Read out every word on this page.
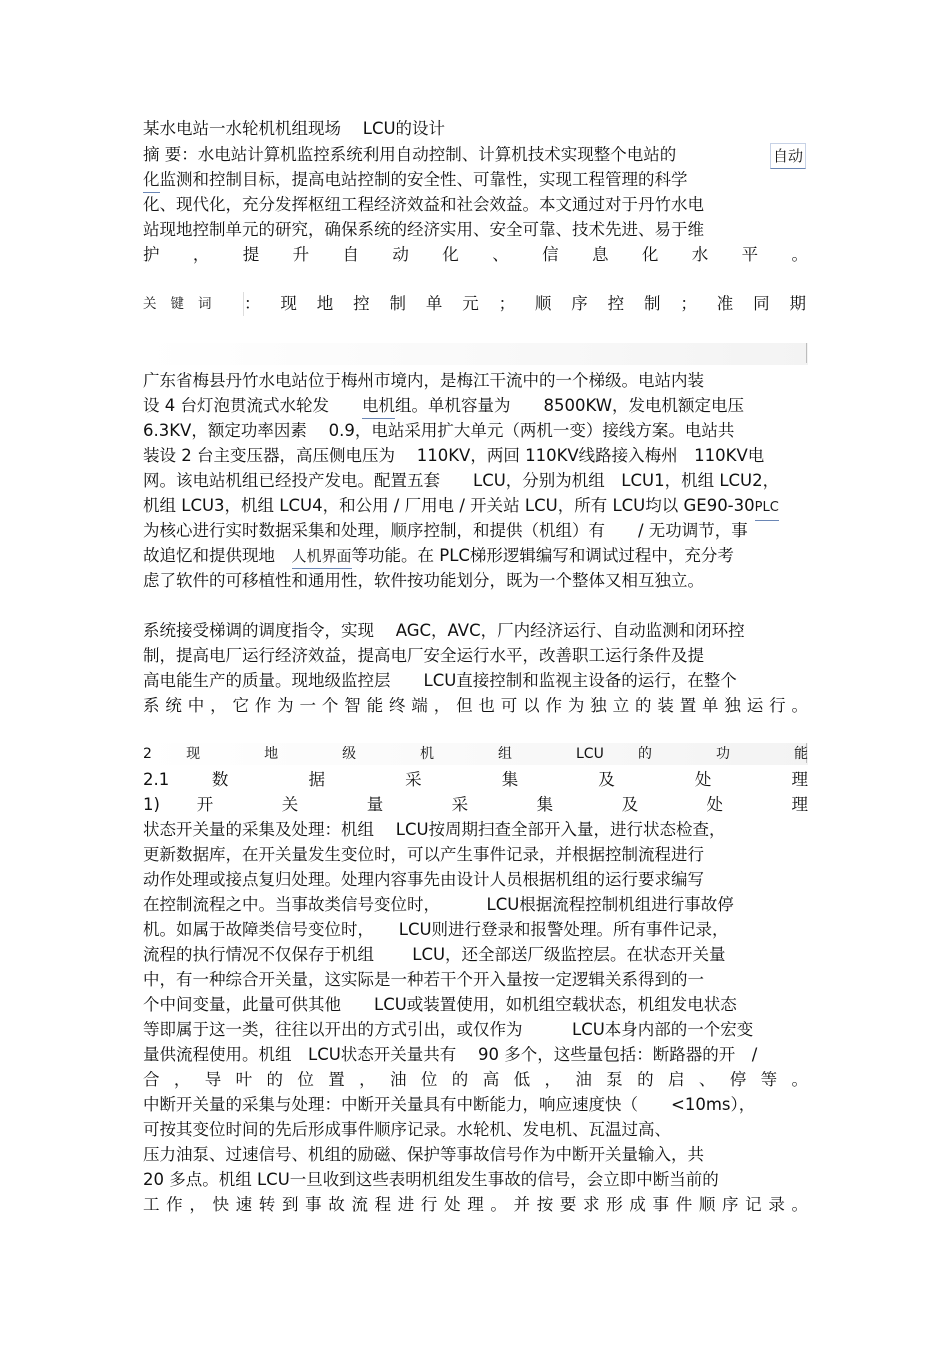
某水电站一水轮机机组现场　 LCU的设计
摘 要：水电站计算机监控系统利用自动控制、计算机技术实现整个电站的	自动
化监测和控制目标，提高电站控制的安全性、可靠性，实现工程管理的科学
化、现代化，充分发挥枢纽工程经济效益和社会效益。本文通过对于丹竹水电
站现地控制单元的研究，确保系统的经济实用、安全可靠、技术先进、易于维
护，提升自动化、信息化水平。
关键词	：现地控制单元；顺序控制；准同期
广东省梅县丹竹水电站位于梅州市境内，是梅江干流中的一个梯级。电站内装
设 4 台灯泡贯流式水轮发　　电机组。单机容量为　　8500KW，发电机额定电压
6.3KV，额定功率因素　 0.9，电站采用扩大单元（两机一变）接线方案。电站共
装设 2 台主变压器，高压侧电压为　 110KV，两回 110KV线路接入梅州　110KV电
网。该电站机组已经投产发电。配置五套　　LCU，分别为机组　LCU1，机组 LCU2，
机组 LCU3，机组 LCU4，和公用 / 厂用电 / 开关站 LCU，所有 LCU均以 GE90-30PLC
为核心进行实时数据采集和处理，顺序控制，和提供（机组）有　　/ 无功调节，事
故追忆和提供现地　人机界面等功能。在 PLC梯形逻辑编写和调试过程中，充分考
虑了软件的可移植性和通用性，软件按功能划分，既为一个整体又相互独立。
系统接受梯调的调度指令，实现　 AGC，AVC，厂内经济运行、自动监测和闭环控
制，提高电厂运行经济效益，提高电厂安全运行水平，改善职工运行条件及提
高电能生产的质量。现地级监控层　　LCU直接控制和监视主设备的运行，在整个
系统中，它作为一个智能终端，但也可以作为独立的装置单独运行。
2 现 地 级 机 组 LCU 的 功 能
2.1 数 据 采 集 及 处 理
1) 开 关 量 采 集 及 处 理
状态开关量的采集及处理：机组　 LCU按周期扫查全部开入量，进行状态检查，
更新数据库，在开关量发生变位时，可以产生事件记录，并根据控制流程进行
动作处理或接点复归处理。处理内容事先由设计人员根据机组的运行要求编写
在控制流程之中。当事故类信号变位时，　　　 LCU根据流程控制机组进行事故停
机。如属于故障类信号变位时，　　LCU则进行登录和报警处理。所有事件记录，
流程的执行情况不仅保存于机组　　 LCU，还全部送厂级监控层。在状态开关量
中，有一种综合开关量，这实际是一种若干个开入量按一定逻辑关系得到的一
个中间变量，此量可供其他　　LCU或装置使用，如机组空载状态，机组发电状态
等即属于这一类，往往以开出的方式引出，或仅作为　　　LCU本身内部的一个宏变
量供流程使用。机组　LCU状态开关量共有　 90 多个，这些量包括：断路器的开　/
合，导叶的位置，油位的高低，油泵的启、停等。
中断开关量的采集与处理：中断开关量具有中断能力，响应速度快（　　<10ms），
可按其变位时间的先后形成事件顺序记录。水轮机、发电机、瓦温过高、
压力油泵、过速信号、机组的励磁、保护等事故信号作为中断开关量输入，共
20 多点。机组 LCU一旦收到这些表明机组发生事故的信号，会立即中断当前的
工作，快速转到事故流程进行处理。并按要求形成事件顺序记录。
